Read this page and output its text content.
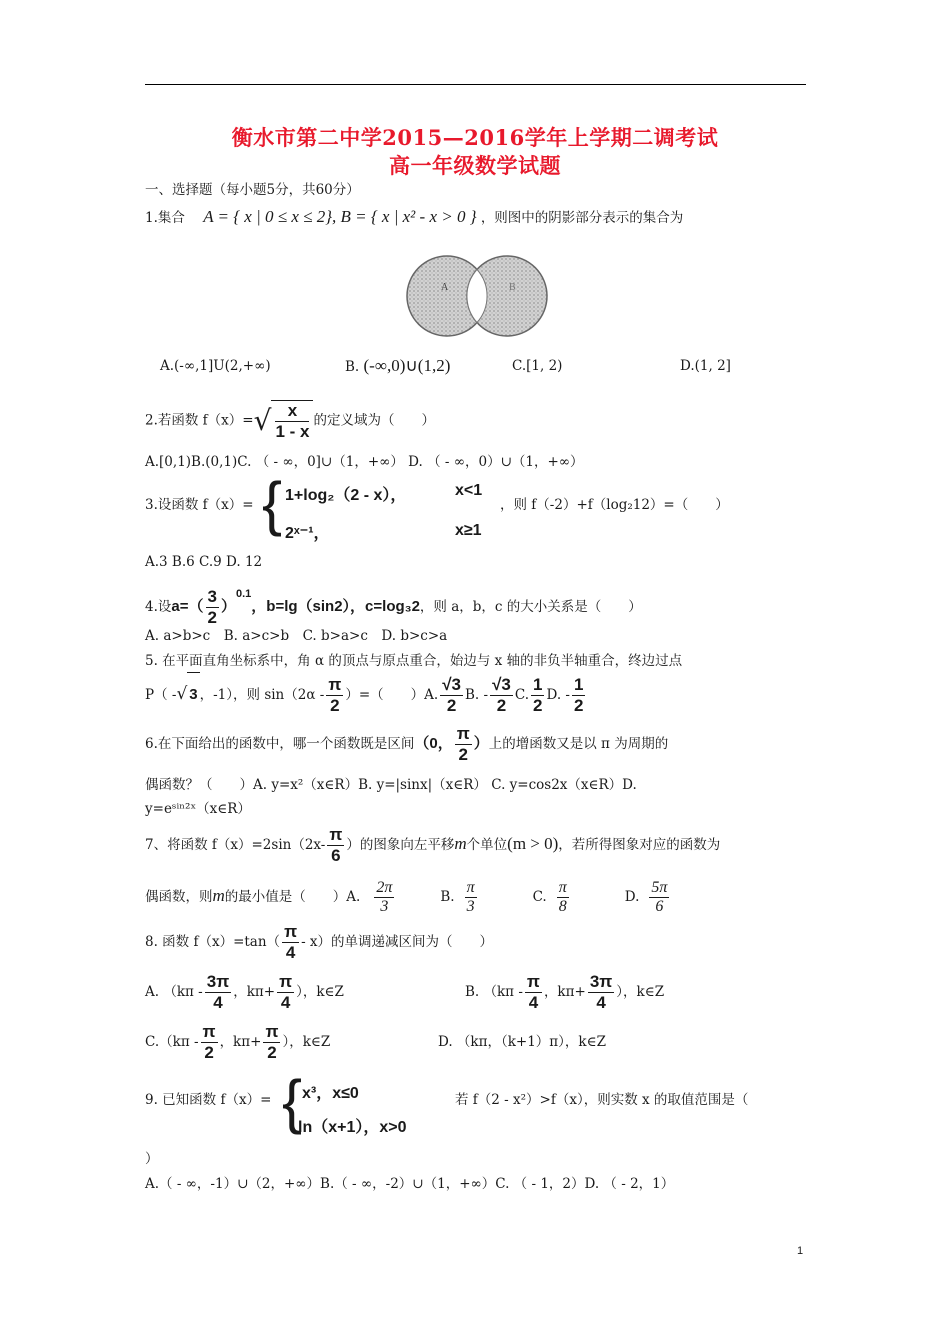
衡水市第二中学2015—2016学年上学期二调考试
高一年级数学试题
一、选择题（每小题5分，共60分）
1.集合 A = { x | 0 ≤ x ≤ 2}, B = { x | x² - x > 0 } ，则图中的阴影部分表示的集合为
A	B
A.(-∞,1]U(2,+∞)	B. (-∞,0)∪(1,2)	C.[1, 2)	D.(1, 2]
2.若函数 $f(x)=√ \frac{x}{1 - x}$ 的定义域为（　　）
A.[0,1)B.(0,1)C. （ - ∞，0]∪（1，+∞） D. （ - ∞，0）∪（1，+∞）
3.设函数 f（x）= { 1+log₂（2 - x），	x<1
2ˣ⁻¹，	x≥1
，则 f（-2）+f（log₂12）=（　　）
A.3 B.6 C.9 D. 12
4.设$a=( \frac{3}{2} )^{0.1}$，b=lg（sin2），c=log₃2，则 a，b，c 的大小关系是（　　）
A. a>b>c　B. a>c>b　C. b>a>c　D. b>c>a
5. 在平面直角坐标系中，角 α 的顶点与原点重合，始边与 x 轴的非负半轴重合，终边过点
P（ -√ 3 ，-1），则 $\sin(2\alpha - \frac{\pi}{2}$ ）=（　　）A. $\frac{√3}{2} B$. - $\frac{√3}{2} C$. $\frac{1}{2} D$. - $\frac{1}{2}$
6.在下面给出的函数中，哪一个函数既是区间（0， $\frac{\pi}{2}$ ）上的增函数又是以 π 为周期的
偶函数？（　　）A. y=x²（x∈R）B. y=|sinx|（x∈R） C. y=cos2x（x∈R）D.
y=eˢⁱⁿ²ˣ（x∈R）
7、将函数 $f(x)=2\sin(2x- \frac{\pi}{6}$ ）的图象向左平移m个单位(m > 0)，若所得图象对应的函数为
偶函数，则m的最小值是（　　）A. $\frac{2\pi}{3}$	B. $\frac{\pi}{3}$	C. $\frac{\pi}{8}$	D. $\frac{5\pi}{6}$
8. 函数 $f(x)=\tan( \frac{\pi}{4} - x)$的单调递减区间为（　　）
A. （$k\pi - \frac{3\pi}{4}$ ，$k\pi+ \frac{\pi}{4}$ ），k∈Z	B. （$k\pi - \frac{\pi}{4}$ ，$k\pi+ \frac{3\pi}{4}$ ），k∈Z
$C.(k\pi - \frac{\pi}{2}$ ，$k\pi+ \frac{\pi}{2}$ ），k∈Z	D. （kπ，（k+1）π），k∈Z
9. 已知函数 f（x）= { x³，x≤0
ln（x+1），x>0
若 f（2 - x²）>f（x），则实数 x 的取值范围是（
）
A.（ - ∞，-1）∪（2，+∞）B.（ - ∞，-2）∪（1，+∞）C. （ - 1，2）D. （ - 2，1）
1
